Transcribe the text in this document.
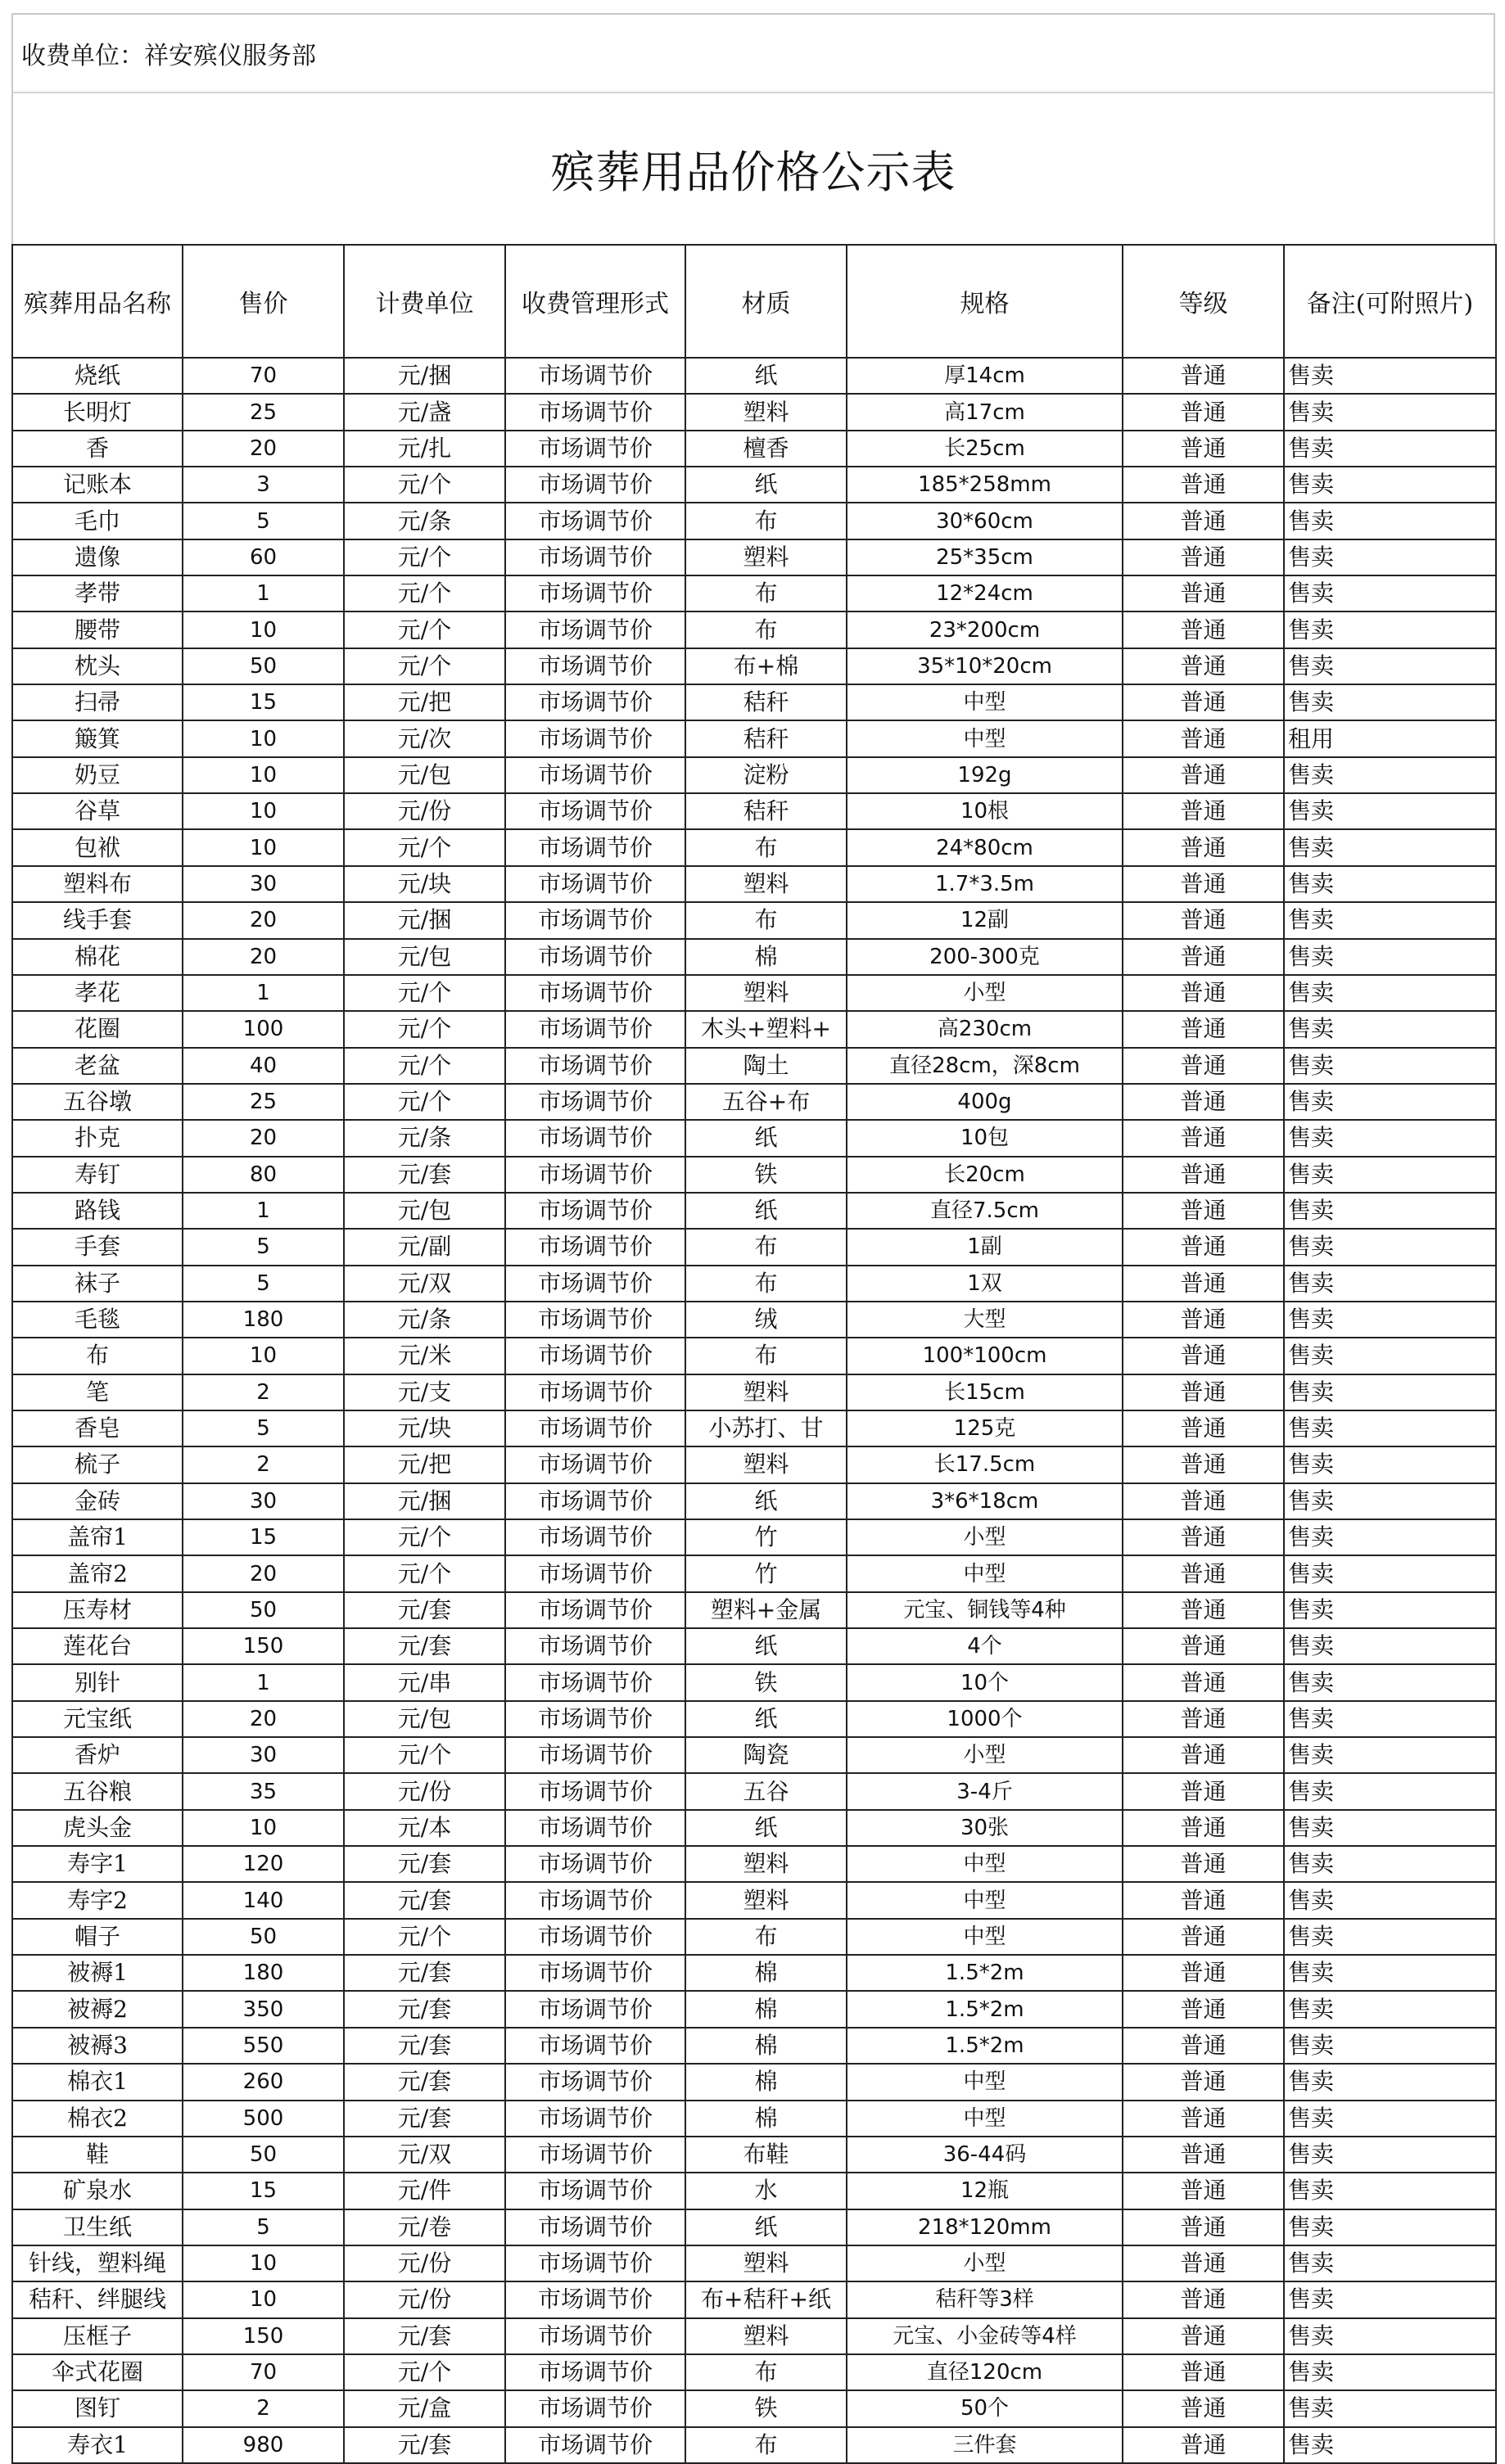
收费单位：祥安殡仪服务部
殡葬用品价格公示表
殡葬用品名称	售价	计费单位	收费管理形式	材质	规格	等级	备注(可附照片)
烧纸	70	元/捆	市场调节价	纸	厚14cm	普通	售卖
长明灯	25	元/盏	市场调节价	塑料	高17cm	普通	售卖
香	20	元/扎	市场调节价	檀香	长25cm	普通	售卖
记账本	3	元/个	市场调节价	纸	185*258mm	普通	售卖
毛巾	5	元/条	市场调节价	布	30*60cm	普通	售卖
遗像	60	元/个	市场调节价	塑料	25*35cm	普通	售卖
孝带	1	元/个	市场调节价	布	12*24cm	普通	售卖
腰带	10	元/个	市场调节价	布	23*200cm	普通	售卖
枕头	50	元/个	市场调节价	布+棉	35*10*20cm	普通	售卖
扫帚	15	元/把	市场调节价	秸秆	中型	普通	售卖
簸箕	10	元/次	市场调节价	秸秆	中型	普通	租用
奶豆	10	元/包	市场调节价	淀粉	192g	普通	售卖
谷草	10	元/份	市场调节价	秸秆	10根	普通	售卖
包袱	10	元/个	市场调节价	布	24*80cm	普通	售卖
塑料布	30	元/块	市场调节价	塑料	1.7*3.5m	普通	售卖
线手套	20	元/捆	市场调节价	布	12副	普通	售卖
棉花	20	元/包	市场调节价	棉	200-300克	普通	售卖
孝花	1	元/个	市场调节价	塑料	小型	普通	售卖
花圈	100	元/个	市场调节价	木头+塑料+	高230cm	普通	售卖
老盆	40	元/个	市场调节价	陶土	直径28cm，深8cm	普通	售卖
五谷墩	25	元/个	市场调节价	五谷+布	400g	普通	售卖
扑克	20	元/条	市场调节价	纸	10包	普通	售卖
寿钉	80	元/套	市场调节价	铁	长20cm	普通	售卖
路钱	1	元/包	市场调节价	纸	直径7.5cm	普通	售卖
手套	5	元/副	市场调节价	布	1副	普通	售卖
袜子	5	元/双	市场调节价	布	1双	普通	售卖
毛毯	180	元/条	市场调节价	绒	大型	普通	售卖
布	10	元/米	市场调节价	布	100*100cm	普通	售卖
笔	2	元/支	市场调节价	塑料	长15cm	普通	售卖
香皂	5	元/块	市场调节价	小苏打、甘	125克	普通	售卖
梳子	2	元/把	市场调节价	塑料	长17.5cm	普通	售卖
金砖	30	元/捆	市场调节价	纸	3*6*18cm	普通	售卖
盖帘1	15	元/个	市场调节价	竹	小型	普通	售卖
盖帘2	20	元/个	市场调节价	竹	中型	普通	售卖
压寿材	50	元/套	市场调节价	塑料+金属	元宝、铜钱等4种	普通	售卖
莲花台	150	元/套	市场调节价	纸	4个	普通	售卖
别针	1	元/串	市场调节价	铁	10个	普通	售卖
元宝纸	20	元/包	市场调节价	纸	1000个	普通	售卖
香炉	30	元/个	市场调节价	陶瓷	小型	普通	售卖
五谷粮	35	元/份	市场调节价	五谷	3-4斤	普通	售卖
虎头金	10	元/本	市场调节价	纸	30张	普通	售卖
寿字1	120	元/套	市场调节价	塑料	中型	普通	售卖
寿字2	140	元/套	市场调节价	塑料	中型	普通	售卖
帽子	50	元/个	市场调节价	布	中型	普通	售卖
被褥1	180	元/套	市场调节价	棉	1.5*2m	普通	售卖
被褥2	350	元/套	市场调节价	棉	1.5*2m	普通	售卖
被褥3	550	元/套	市场调节价	棉	1.5*2m	普通	售卖
棉衣1	260	元/套	市场调节价	棉	中型	普通	售卖
棉衣2	500	元/套	市场调节价	棉	中型	普通	售卖
鞋	50	元/双	市场调节价	布鞋	36-44码	普通	售卖
矿泉水	15	元/件	市场调节价	水	12瓶	普通	售卖
卫生纸	5	元/卷	市场调节价	纸	218*120mm	普通	售卖
针线，塑料绳	10	元/份	市场调节价	塑料	小型	普通	售卖
秸秆、绊腿线	10	元/份	市场调节价	布+秸秆+纸	秸秆等3样	普通	售卖
压框子	150	元/套	市场调节价	塑料	元宝、小金砖等4样	普通	售卖
伞式花圈	70	元/个	市场调节价	布	直径120cm	普通	售卖
图钉	2	元/盒	市场调节价	铁	50个	普通	售卖
寿衣1	980	元/套	市场调节价	布	三件套	普通	售卖
